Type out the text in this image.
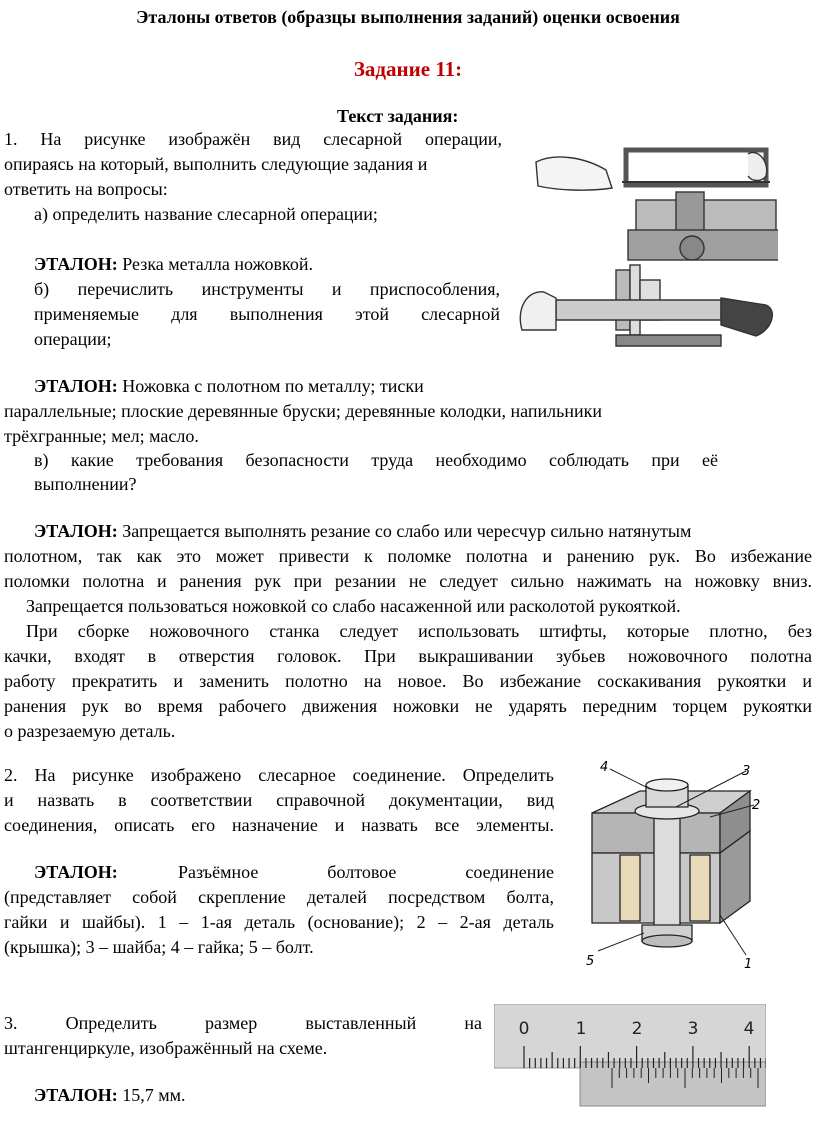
Эталоны ответов (образцы выполнения заданий) оценки освоения
Задание 11:
Текст задания:
1. На рисунке изображён вид слесарной операции,
опираясь на который, выполнить следующие задания и
ответить на вопросы:
а) определить название слесарной операции;
ЭТАЛОН: Резка металла ножовкой.
б) перечислить инструменты и приспособления,
применяемые для выполнения этой слесарной
операции;
ЭТАЛОН: Ножовка с полотном по металлу; тиски
параллельные; плоские деревянные бруски; деревянные колодки, напильники
трёхгранные; мел; масло.
в) какие требования безопасности труда необходимо соблюдать при её
выполнении?
ЭТАЛОН: Запрещается выполнять резание со слабо или чересчур сильно натянутым
полотном, так как это может привести к поломке полотна и ранению рук. Во избежание
поломки полотна и ранения рук при резании не следует сильно нажимать на ножовку вниз.
Запрещается пользоваться ножовкой со слабо насаженной или расколотой рукояткой.
При сборке ножовочного станка следует использовать штифты, которые плотно, без
качки, входят в отверстия головок. При выкрашивании зубьев ножовочного полотна
работу прекратить и заменить полотно на новое. Во избежание соскакивания рукоятки и
ранения рук во время рабочего движения ножовки не ударять передним торцем рукоятки
о разрезаемую деталь.
2. На рисунке изображено слесарное соединение. Определить
и назвать в соответствии справочной документации, вид
соединения, описать его назначение и назвать все элементы.
ЭТАЛОН:	Разъёмное болтовое соединение
(представляет собой скрепление деталей посредством болта,
гайки и шайбы). 1 – 1-ая деталь (основание); 2 – 2-ая деталь
(крышка); 3 – шайба; 4 – гайка; 5 – болт.
4	3
2
5	1
3. Определить размер выставленный на
штангенциркуле, изображённый на схеме.
ЭТАЛОН: 15,7 мм.
0	1	2	3	4
